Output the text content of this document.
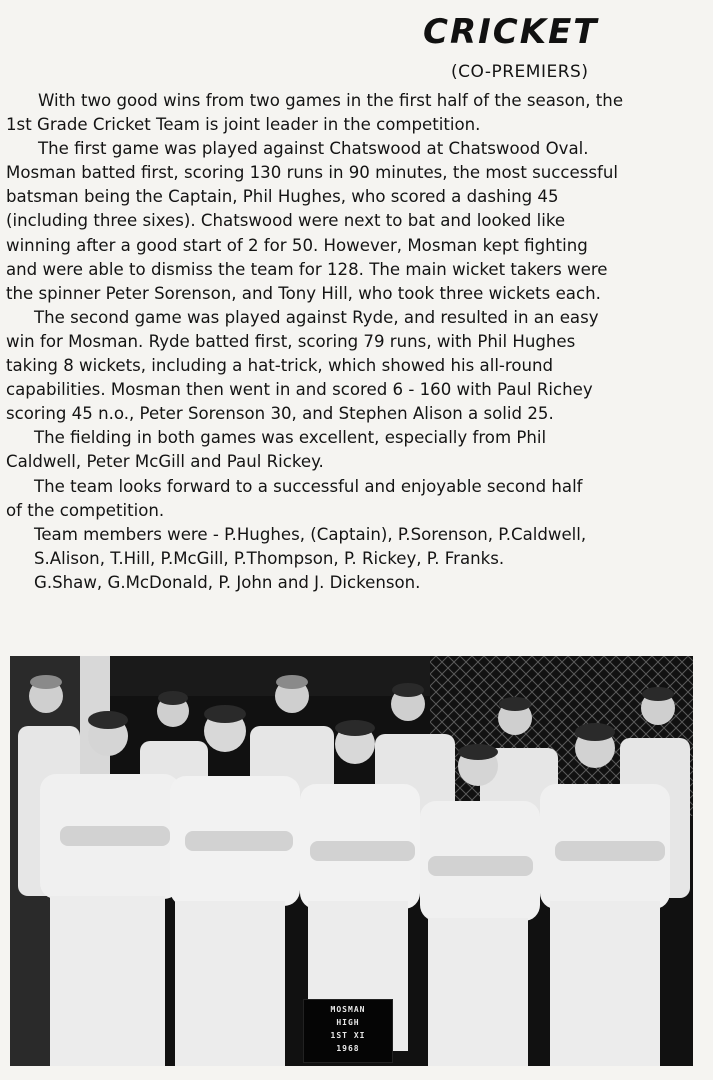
CRICKET
(CO-PREMIERS)
With two good wins from two games in the first half of the season, the
1st Grade Cricket Team is joint leader in the competition.
The first game was played against Chatswood at Chatswood Oval.
Mosman batted first, scoring 130 runs in 90 minutes, the most successful
batsman being the Captain, Phil Hughes, who scored a dashing 45
(including three sixes). Chatswood were next to bat and looked like
winning after a good start of 2 for 50. However, Mosman kept fighting
and were able to dismiss the team for 128. The main wicket takers were
the spinner Peter Sorenson, and Tony Hill, who took three wickets each.
The second game was played against Ryde, and resulted in an easy
win for Mosman. Ryde batted first, scoring 79 runs, with Phil Hughes
taking 8 wickets, including a hat-trick, which showed his all-round
capabilities. Mosman then went in and scored 6 - 160 with Paul Richey
scoring 45 n.o., Peter Sorenson 30, and Stephen Alison a solid 25.
The fielding in both games was excellent, especially from Phil
Caldwell, Peter McGill and Paul Rickey.
The team looks forward to a successful and enjoyable second half
of the competition.
Team members were - P.Hughes, (Captain), P.Sorenson, P.Caldwell,
S.Alison, T.Hill, P.McGill, P.Thompson, P. Rickey, P. Franks.
G.Shaw, G.McDonald, P. John and J. Dickenson.
MOSMAN
HIGH
1ST XI
1968
